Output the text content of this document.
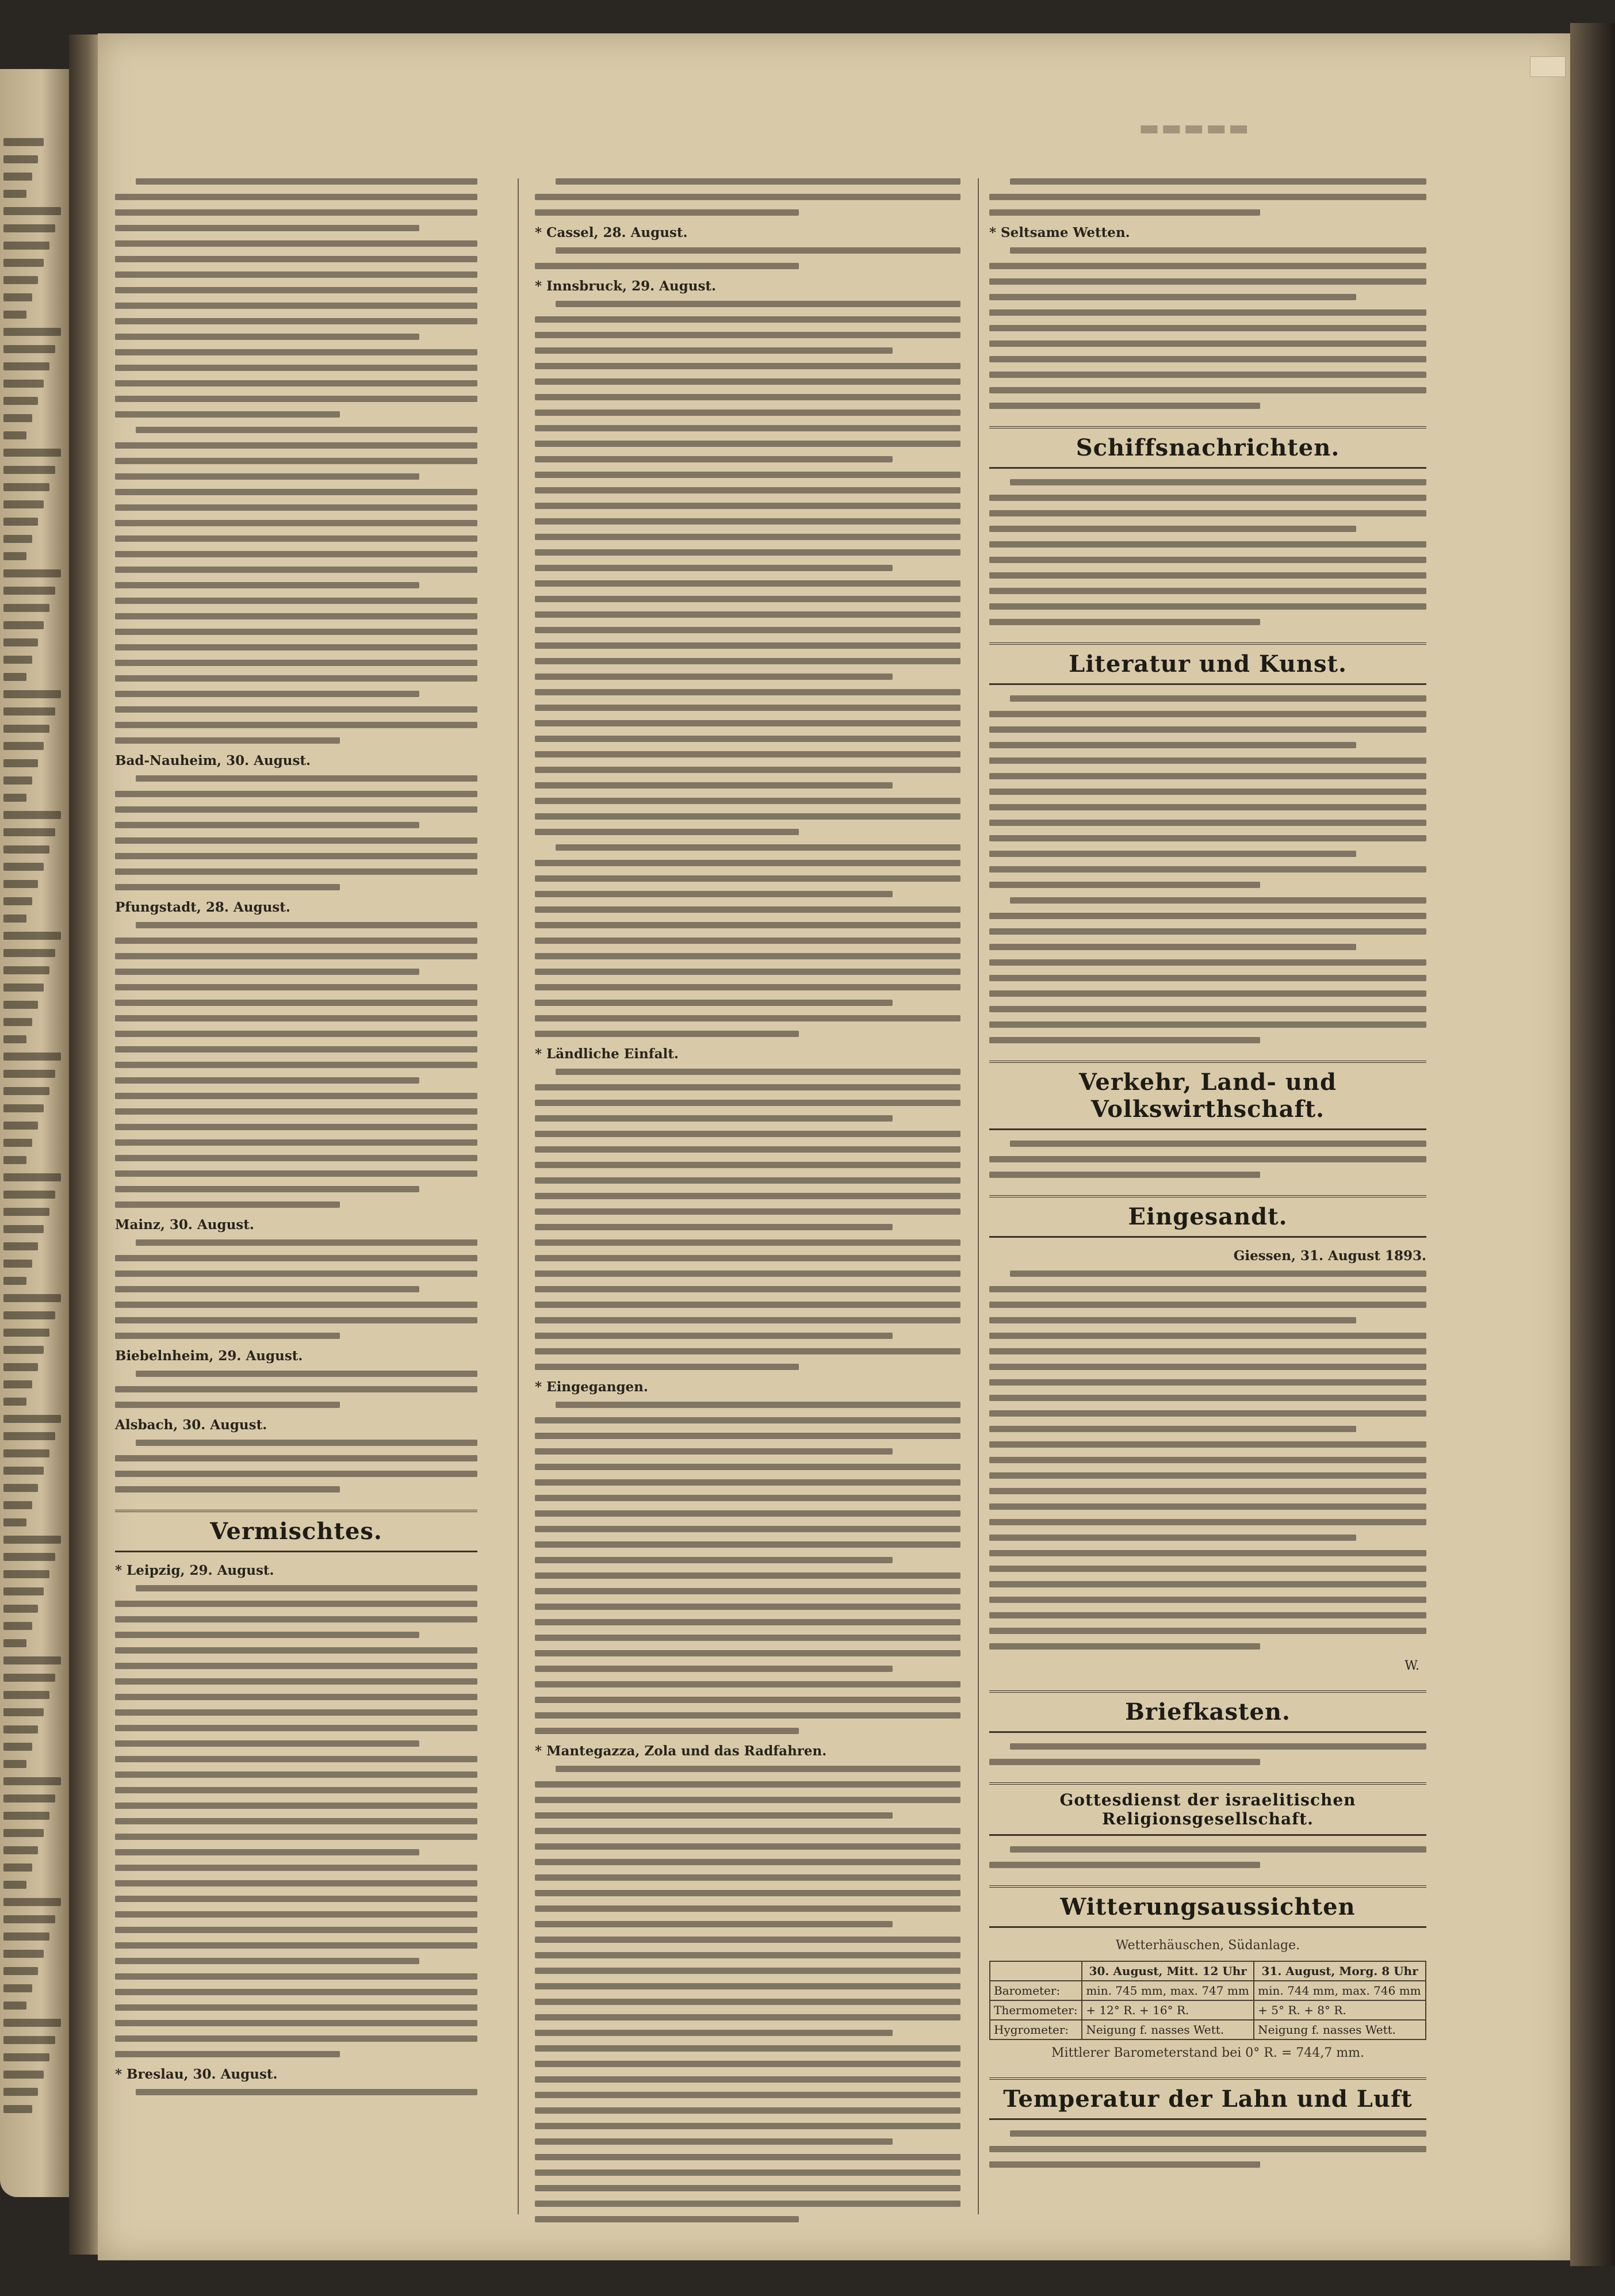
▬▬▬▬▬
Bad-Nauheim, 30. August.
Pfungstadt, 28. August.
Mainz, 30. August.
Biebelnheim, 29. August.
Alsbach, 30. August.
Vermischtes.
* Leipzig, 29. August.
* Breslau, 30. August.
* Cassel, 28. August.
* Innsbruck, 29. August.
* Ländliche Einfalt.
* Eingegangen.
* Mantegazza, Zola und das Radfahren.
* Seltsame Wetten.
Schiffsnachrichten.
Literatur und Kunst.
Verkehr, Land- und Volkswirthschaft.
Eingesandt.
Giessen, 31. August 1893.
W.
Briefkasten.
Gottesdienst der israelitischen Religionsgesellschaft.
Witterungsaussichten
Wetterhäuschen, Südanlage.
	30. August, Mitt. 12 Uhr	31. August, Morg. 8 Uhr
Barometer:	min. 745 mm, max. 747 mm	min. 744 mm, max. 746 mm
Thermometer:	+ 12° R. + 16° R.	+ 5° R. + 8° R.
Hygrometer:	Neigung f. nasses Wett.	Neigung f. nasses Wett.
Mittlerer Barometerstand bei 0° R. = 744,7 mm.
Temperatur der Lahn und Luft
